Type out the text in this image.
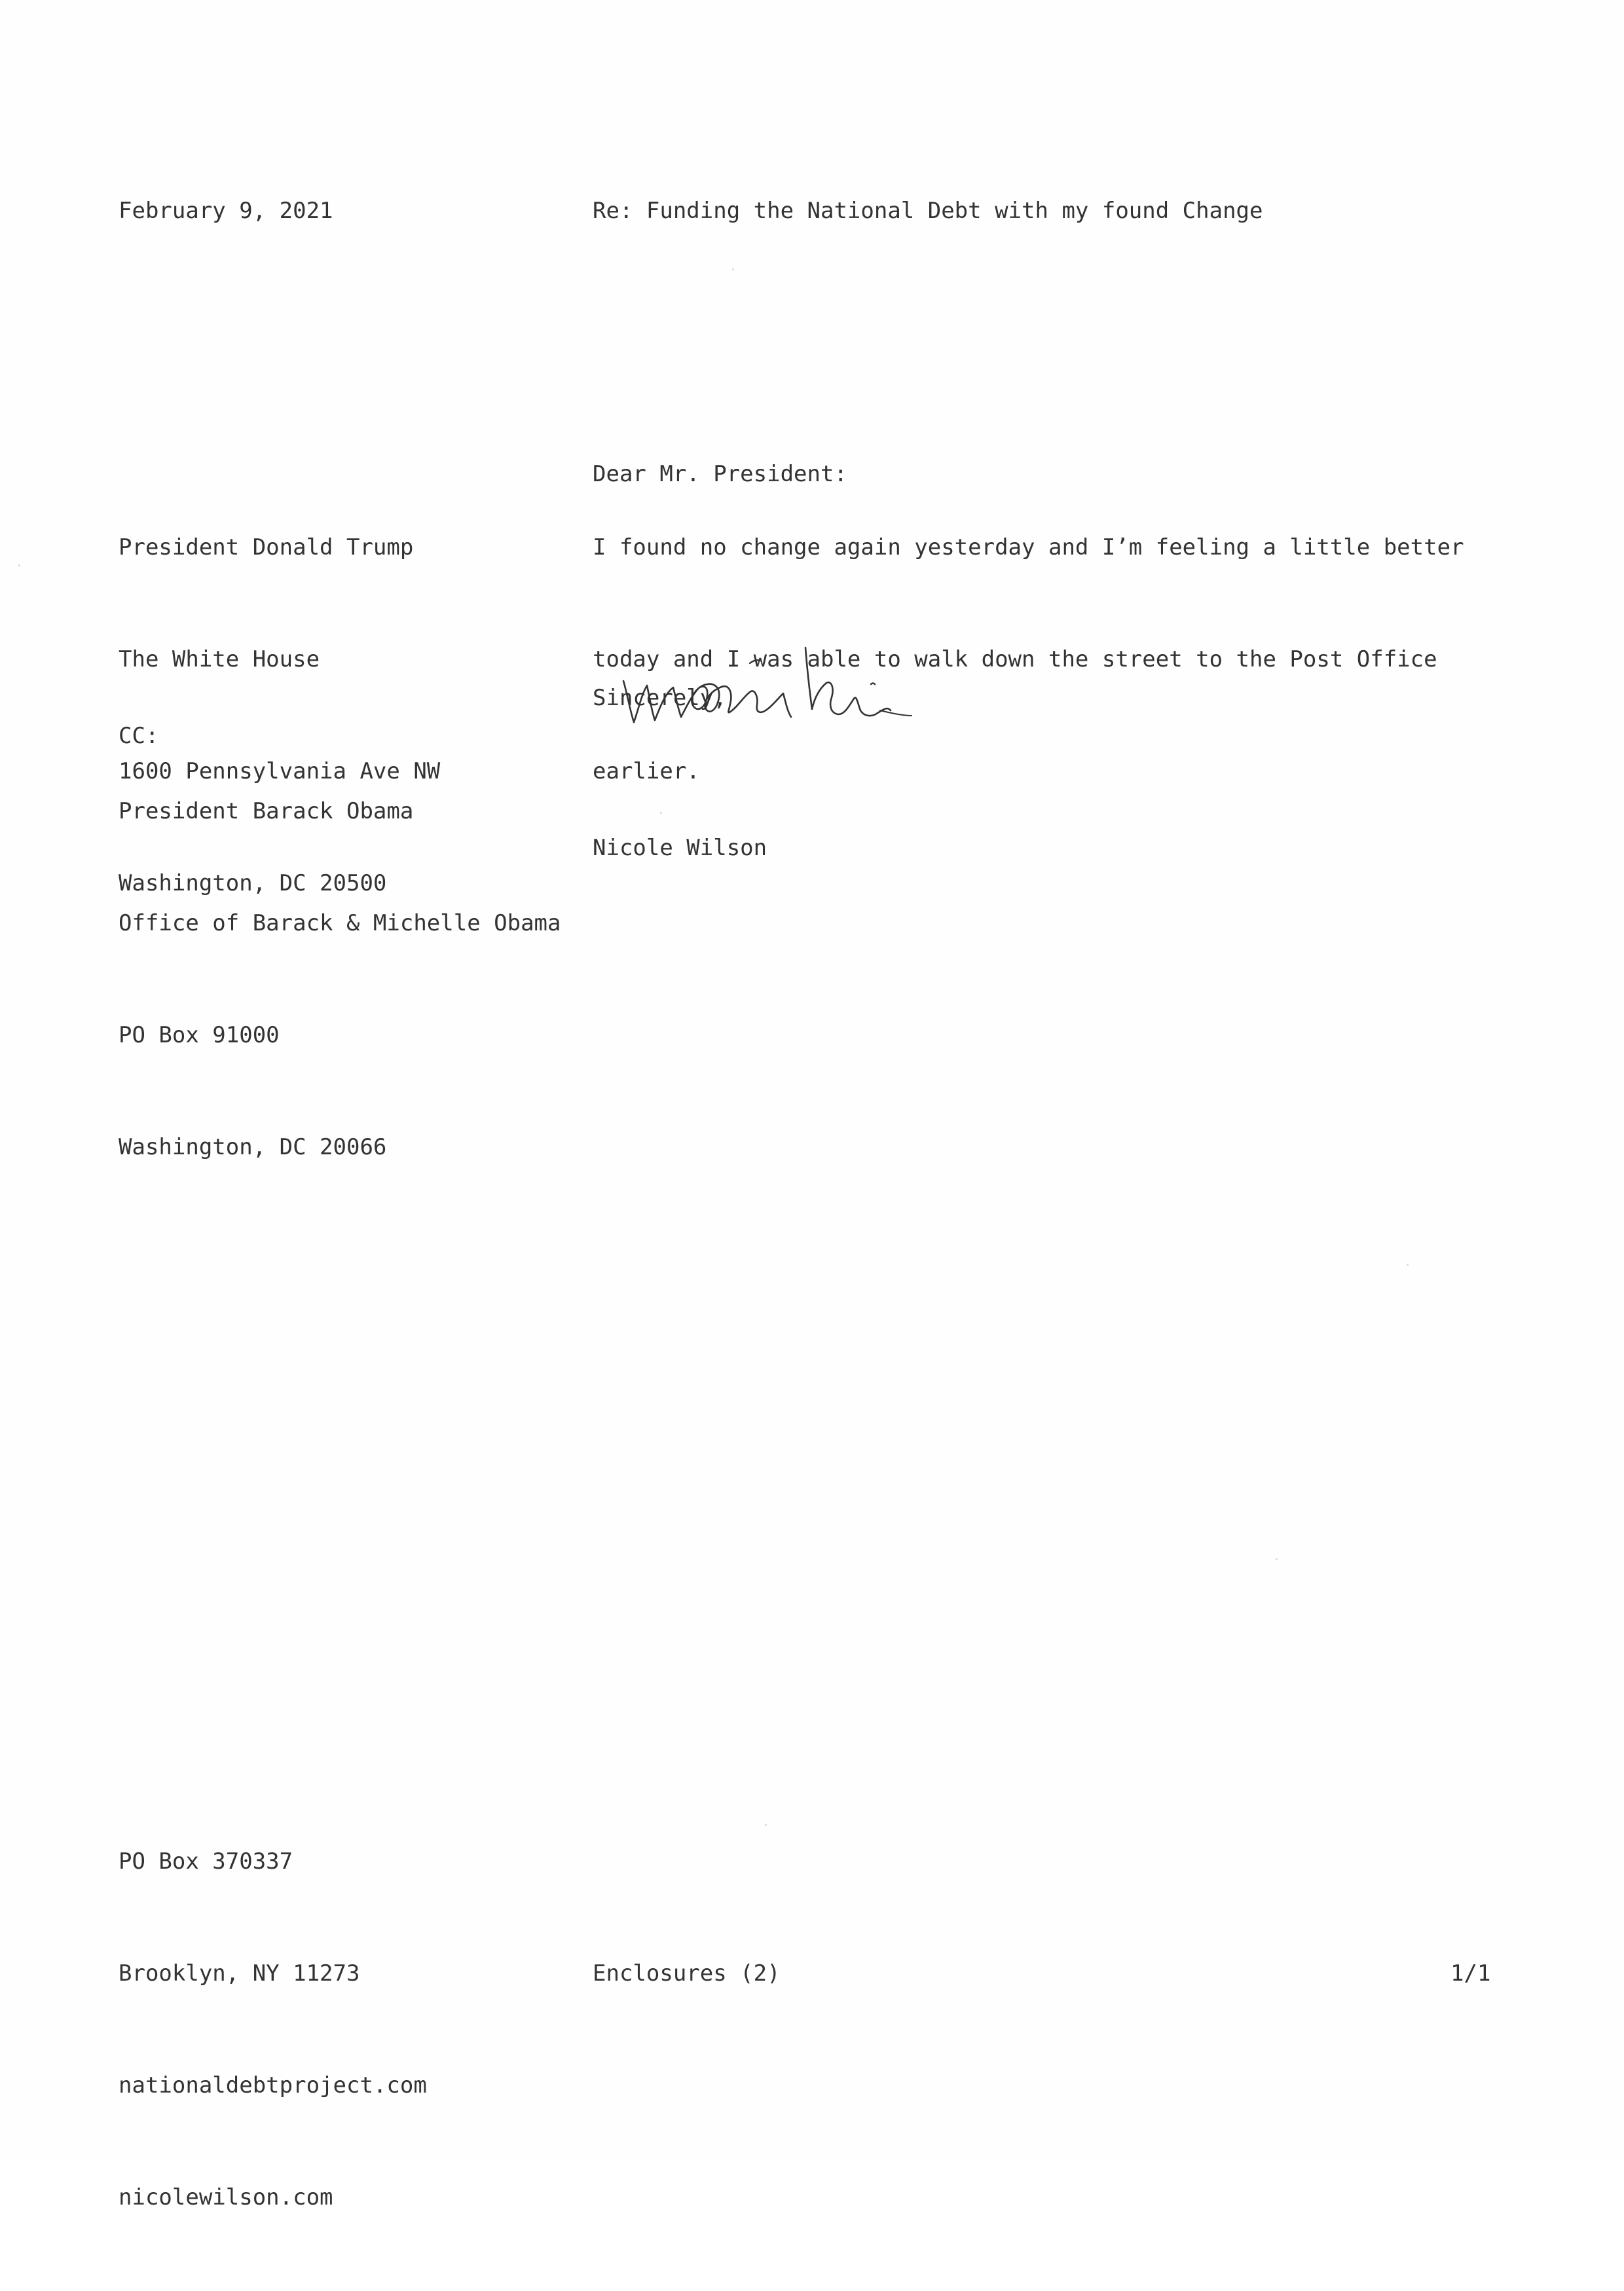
February 9, 2021

	Re: Funding the National Debt with my found Change

Dear Mr. President:

President Donald Trump

The White House

1600 Pennsylvania Ave NW

Washington, DC 20500

I found no change again yesterday and I’m feeling a little better

today and I was able to walk down the street to the Post Office

earlier.

Sincerely,

CC:

President Barack Obama

Office of Barack & Michelle Obama

PO Box 91000

Washington, DC 20066

Nicole Wilson

PO Box 370337

Brooklyn, NY 11273

nationaldebtproject.com

nicolewilson.com

Enclosures (2)

	1/1
